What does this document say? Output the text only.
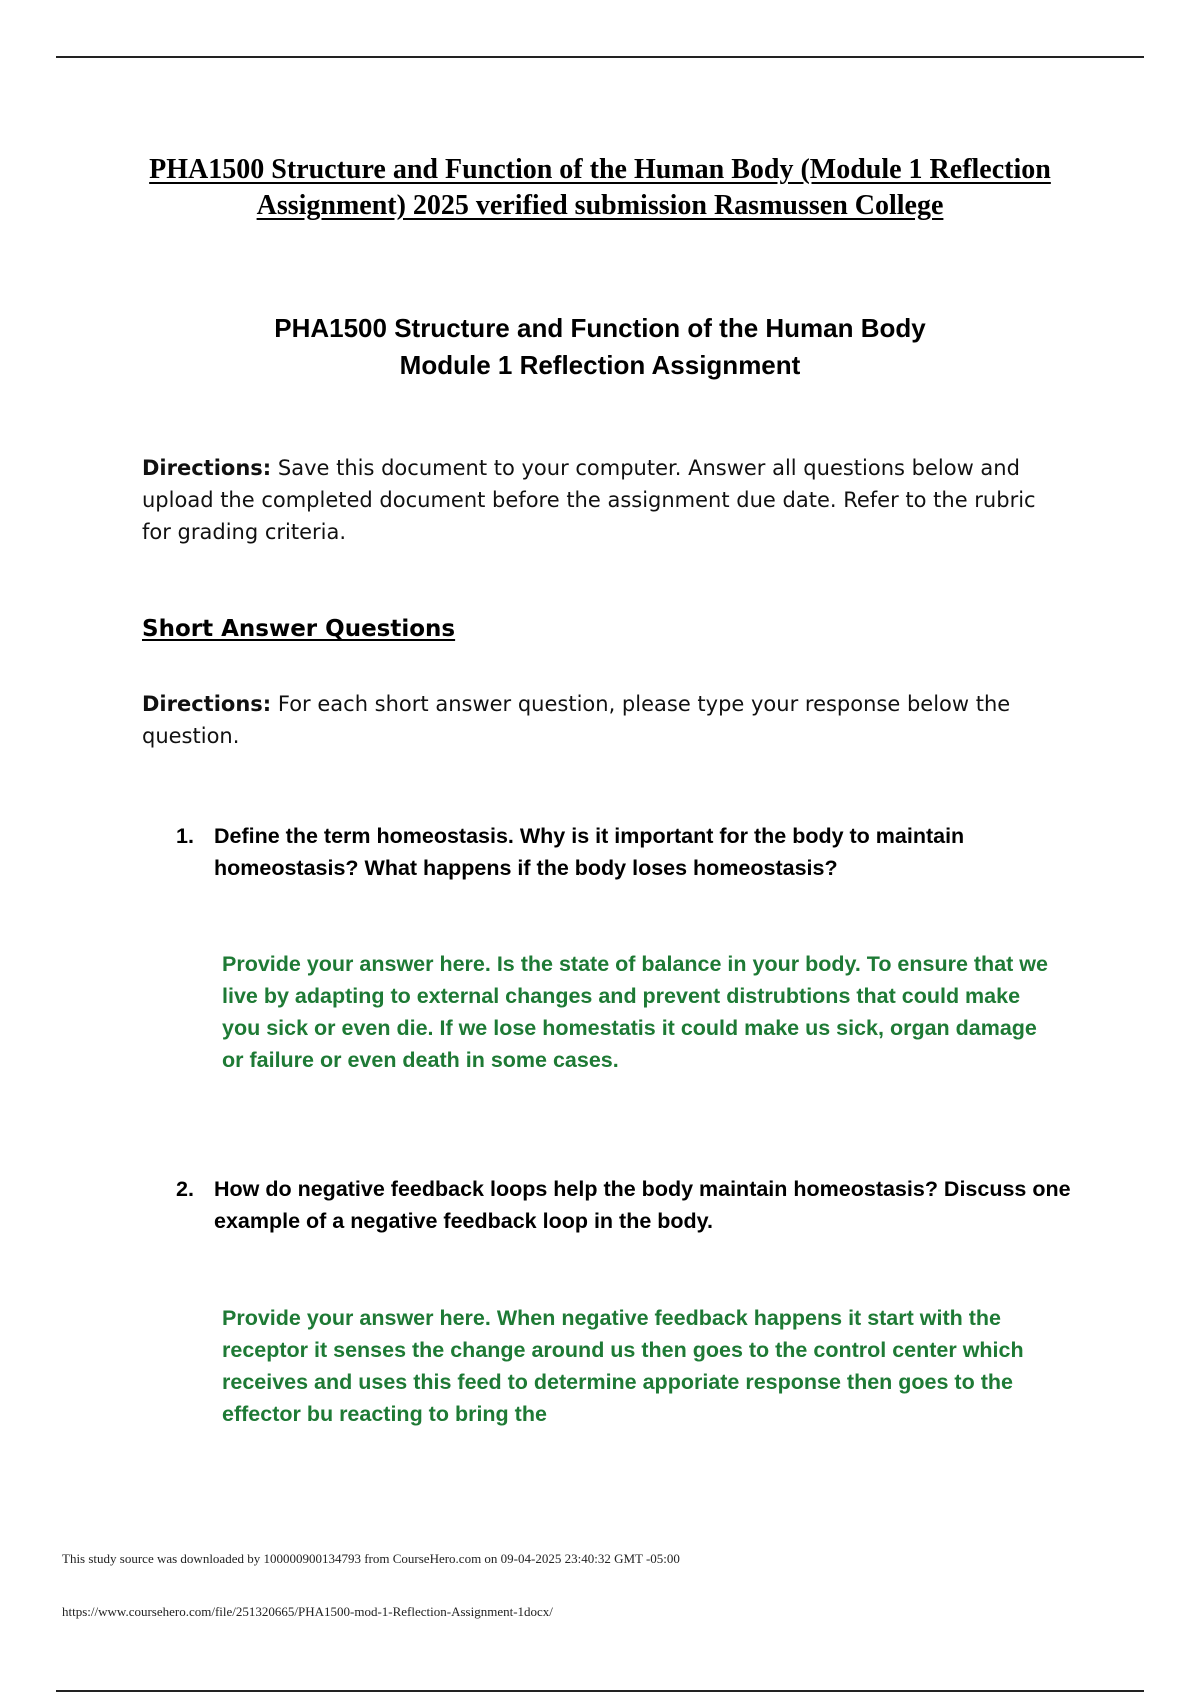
PHA1500 Structure and Function of the Human Body (Module 1 Reflection Assignment) 2025 verified submission Rasmussen College
PHA1500 Structure and Function of the Human Body
Module 1 Reflection Assignment
Directions: Save this document to your computer. Answer all questions below and upload the completed document before the assignment due date. Refer to the rubric for grading criteria.
Short Answer Questions
Directions: For each short answer question, please type your response below the question.
1. Define the term homeostasis. Why is it important for the body to maintain homeostasis? What happens if the body loses homeostasis?
Provide your answer here. Is the state of balance in your body. To ensure that we live by adapting to external changes and prevent distrubtions that could make you sick or even die. If we lose homestatis it could make us sick, organ damage or failure or even death in some cases.
2. How do negative feedback loops help the body maintain homeostasis? Discuss one example of a negative feedback loop in the body.
Provide your answer here. When negative feedback happens it start with the receptor it senses the change around us then goes to the control center which receives and uses this feed to determine apporiate response then goes to the effector bu reacting to bring the
This study source was downloaded by 100000900134793 from CourseHero.com on 09-04-2025 23:40:32 GMT -05:00
https://www.coursehero.com/file/251320665/PHA1500-mod-1-Reflection-Assignment-1docx/
